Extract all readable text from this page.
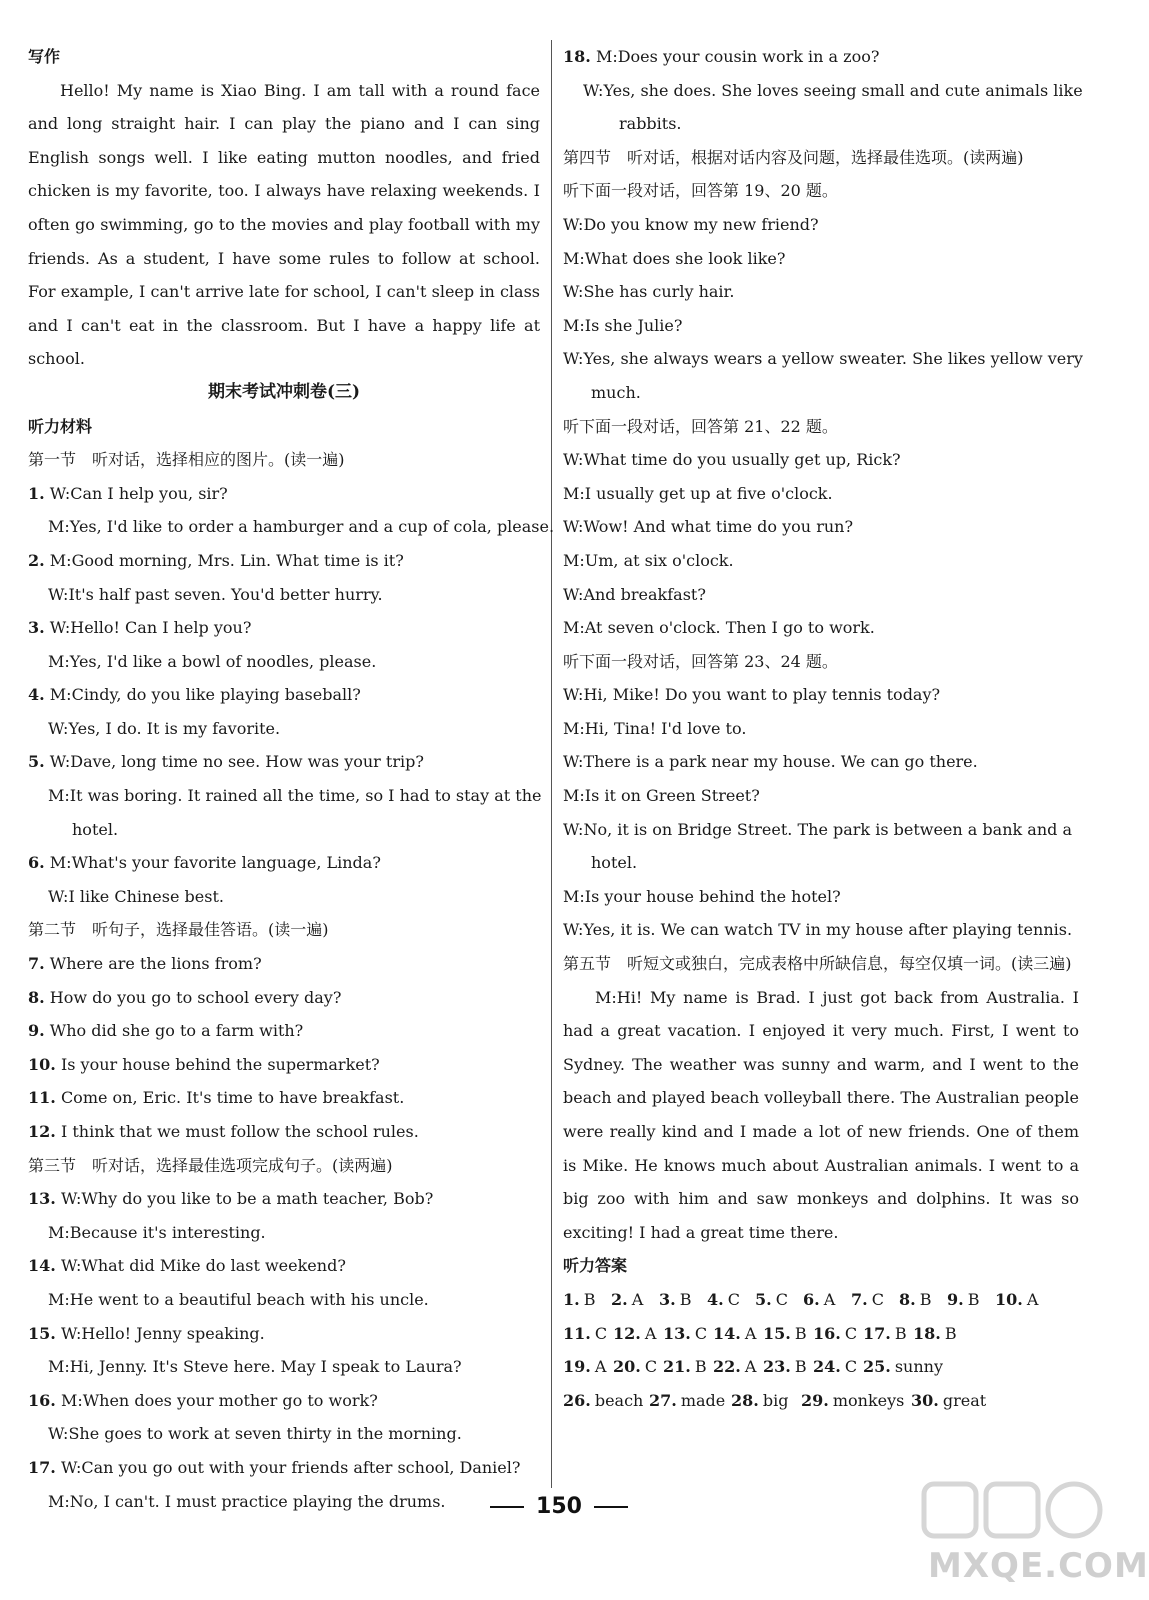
写作
Hello! My name is Xiao Bing. I am tall with a round face and long straight hair. I can play the piano and I can sing English songs well. I like eating mutton noodles, and fried chicken is my favorite, too. I always have relaxing weekends. I often go swimming, go to the movies and play football with my friends. As a student, I have some rules to follow at school. For example, I can't arrive late for school, I can't sleep in class and I can't eat in the classroom. But I have a happy life at school.
期末考试冲刺卷(三)
听力材料
第一节　听对话，选择相应的图片。(读一遍)
1. W:Can I help you, sir?
M:Yes, I'd like to order a hamburger and a cup of cola, please.
2. M:Good morning, Mrs. Lin. What time is it?
W:It's half past seven. You'd better hurry.
3. W:Hello! Can I help you?
M:Yes, I'd like a bowl of noodles, please.
4. M:Cindy, do you like playing baseball?
W:Yes, I do. It is my favorite.
5. W:Dave, long time no see. How was your trip?
M:It was boring. It rained all the time, so I had to stay at the
hotel.
6. M:What's your favorite language, Linda?
W:I like Chinese best.
第二节　听句子，选择最佳答语。(读一遍)
7. Where are the lions from?
8. How do you go to school every day?
9. Who did she go to a farm with?
10. Is your house behind the supermarket?
11. Come on, Eric. It's time to have breakfast.
12. I think that we must follow the school rules.
第三节　听对话，选择最佳选项完成句子。(读两遍)
13. W:Why do you like to be a math teacher, Bob?
M:Because it's interesting.
14. W:What did Mike do last weekend?
M:He went to a beautiful beach with his uncle.
15. W:Hello! Jenny speaking.
M:Hi, Jenny. It's Steve here. May I speak to Laura?
16. M:When does your mother go to work?
W:She goes to work at seven thirty in the morning.
17. W:Can you go out with your friends after school, Daniel?
M:No, I can't. I must practice playing the drums.
18. M:Does your cousin work in a zoo?
W:Yes, she does. She loves seeing small and cute animals like
rabbits.
第四节　听对话，根据对话内容及问题，选择最佳选项。(读两遍)
听下面一段对话，回答第 19、20 题。
W:Do you know my new friend?
M:What does she look like?
W:She has curly hair.
M:Is she Julie?
W:Yes, she always wears a yellow sweater. She likes yellow very
much.
听下面一段对话，回答第 21、22 题。
W:What time do you usually get up, Rick?
M:I usually get up at five o'clock.
W:Wow! And what time do you run?
M:Um, at six o'clock.
W:And breakfast?
M:At seven o'clock. Then I go to work.
听下面一段对话，回答第 23、24 题。
W:Hi, Mike! Do you want to play tennis today?
M:Hi, Tina! I'd love to.
W:There is a park near my house. We can go there.
M:Is it on Green Street?
W:No, it is on Bridge Street. The park is between a bank and a
hotel.
M:Is your house behind the hotel?
W:Yes, it is. We can watch TV in my house after playing tennis.
第五节　听短文或独白，完成表格中所缺信息，每空仅填一词。(读三遍)
M:Hi! My name is Brad. I just got back from Australia. I had a great vacation. I enjoyed it very much. First, I went to Sydney. The weather was sunny and warm, and I went to the beach and played beach volleyball there. The Australian people were really kind and I made a lot of new friends. One of them is Mike. He knows much about Australian animals. I went to a big zoo with him and saw monkeys and dolphins. It was so exciting! I had a great time there.
听力答案
1. B 2. A 3. B 4. C 5. C 6. A 7. C 8. B 9. B 10. A
11. C 12. A 13. C 14. A 15. B 16. C 17. B 18. B
19. A 20. C 21. B 22. A 23. B 24. C 25. sunny
26. beach 27. made 28. big 29. monkeys 30. great
150
MXQE.COM
